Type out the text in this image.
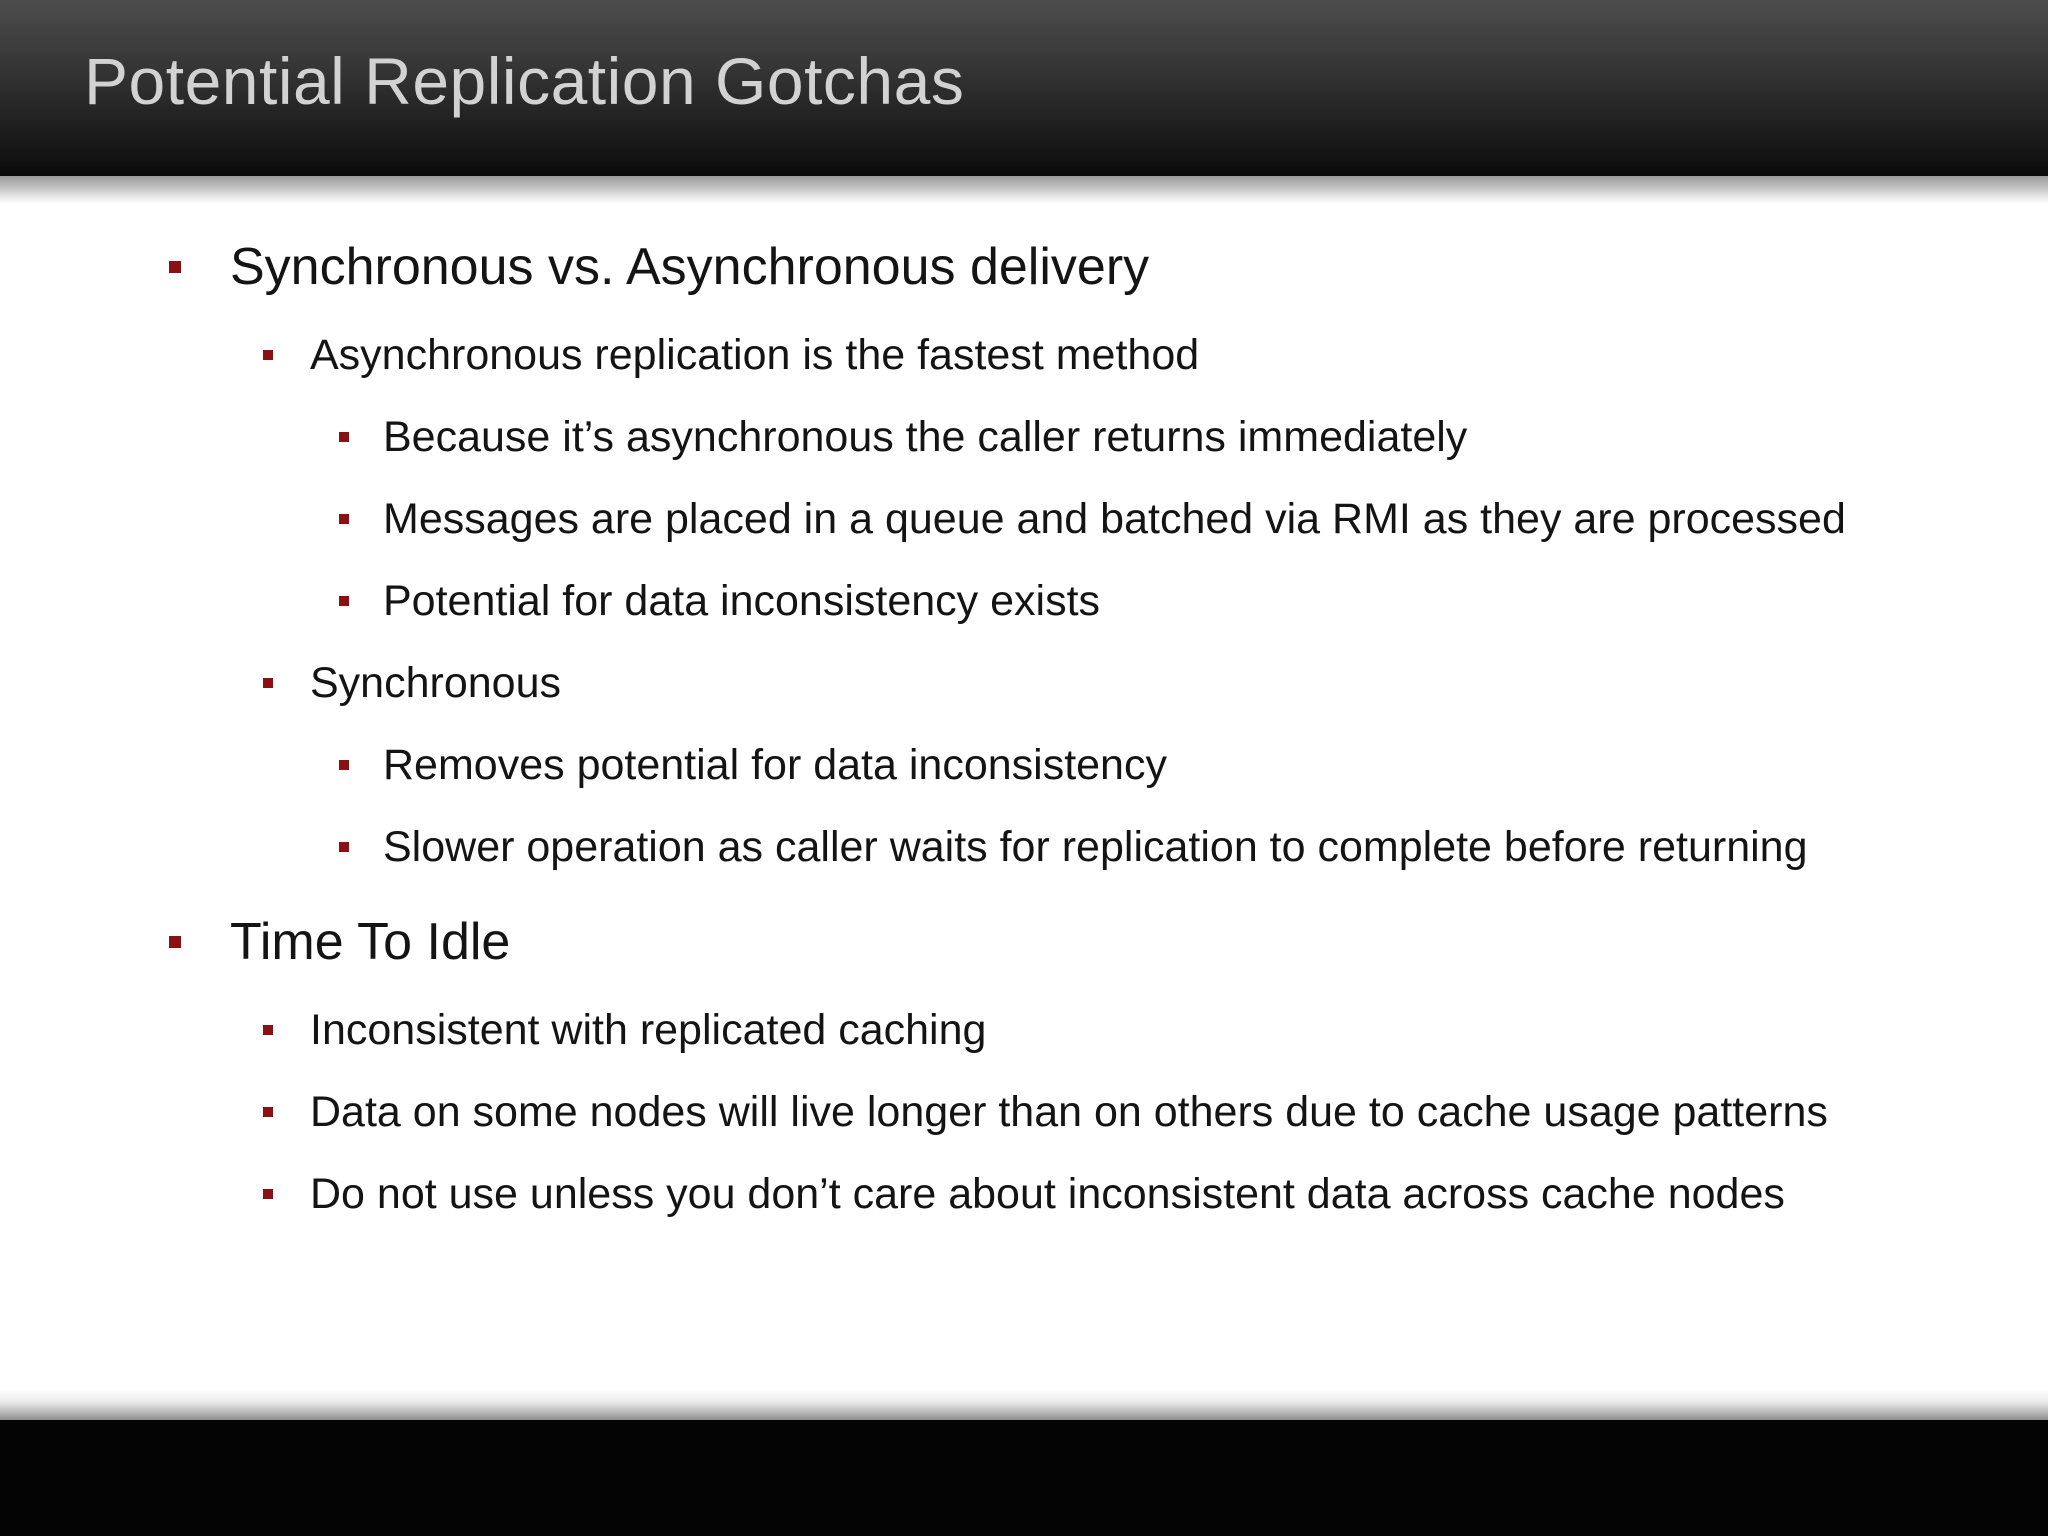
Potential Replication Gotchas
Synchronous vs. Asynchronous delivery
Asynchronous replication is the fastest method
Because it’s asynchronous the caller returns immediately
Messages are placed in a queue and batched via RMI as they are processed
Potential for data inconsistency exists
Synchronous
Removes potential for data inconsistency
Slower operation as caller waits for replication to complete before returning
Time To Idle
Inconsistent with replicated caching
Data on some nodes will live longer than on others due to cache usage patterns
Do not use unless you don’t care about inconsistent data across cache nodes
